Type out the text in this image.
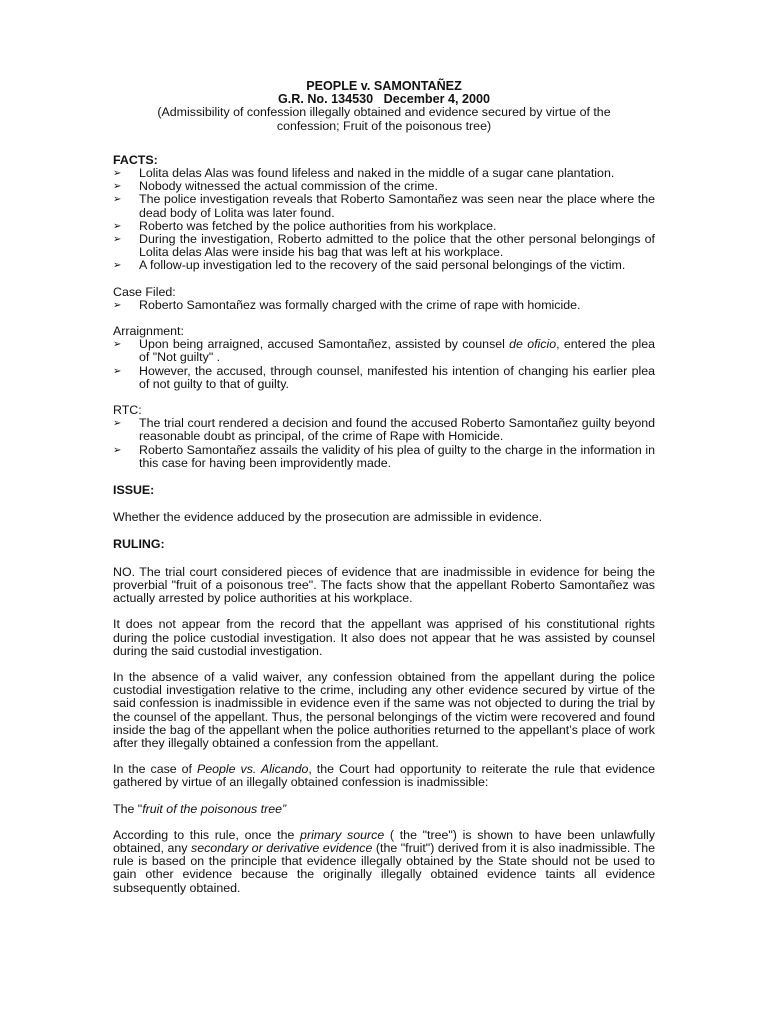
PEOPLE v. SAMONTAÑEZ
G.R. No. 134530   December 4, 2000
(Admissibility of confession illegally obtained and evidence secured by virtue of the
confession; Fruit of the poisonous tree)
FACTS:
➢ Lolita delas Alas was found lifeless and naked in the middle of a sugar cane plantation.
➢ Nobody witnessed the actual commission of the crime.
➢ The police investigation reveals that Roberto Samontañez was seen near the place where the dead body of Lolita was later found.
➢ Roberto was fetched by the police authorities from his workplace.
➢ During the investigation, Roberto admitted to the police that the other personal belongings of Lolita delas Alas were inside his bag that was left at his workplace.
➢ A follow-up investigation led to the recovery of the said personal belongings of the victim.
Case Filed:
➢ Roberto Samontañez was formally charged with the crime of rape with homicide.
Arraignment:
➢ Upon being arraigned, accused Samontañez, assisted by counsel de oficio, entered the plea of "Not guilty" .
➢ However, the accused, through counsel, manifested his intention of changing his earlier plea of not guilty to that of guilty.
RTC:
➢ The trial court rendered a decision and found the accused Roberto Samontañez guilty beyond reasonable doubt as principal, of the crime of Rape with Homicide.
➢ Roberto Samontañez assails the validity of his plea of guilty to the charge in the information in this case for having been improvidently made.
ISSUE:

Whether the evidence adduced by the prosecution are admissible in evidence.

RULING:

NO. The trial court considered pieces of evidence that are inadmissible in evidence for being the proverbial "fruit of a poisonous tree". The facts show that the appellant Roberto Samontañez was actually arrested by police authorities at his workplace.

It does not appear from the record that the appellant was apprised of his constitutional rights during the police custodial investigation. It also does not appear that he was assisted by counsel during the said custodial investigation.

In the absence of a valid waiver, any confession obtained from the appellant during the police custodial investigation relative to the crime, including any other evidence secured by virtue of the said confession is inadmissible in evidence even if the same was not objected to during the trial by the counsel of the appellant. Thus, the personal belongings of the victim were recovered and found inside the bag of the appellant when the police authorities returned to the appellant’s place of work after they illegally obtained a confession from the appellant.

In the case of People vs. Alicando, the Court had opportunity to reiterate the rule that evidence gathered by virtue of an illegally obtained confession is inadmissible:

The "fruit of the poisonous tree”

According to this rule, once the primary source ( the "tree") is shown to have been unlawfully obtained, any secondary or derivative evidence (the "fruit") derived from it is also inadmissible. The rule is based on the principle that evidence illegally obtained by the State should not be used to gain other evidence because the originally illegally obtained evidence taints all evidence subsequently obtained.
